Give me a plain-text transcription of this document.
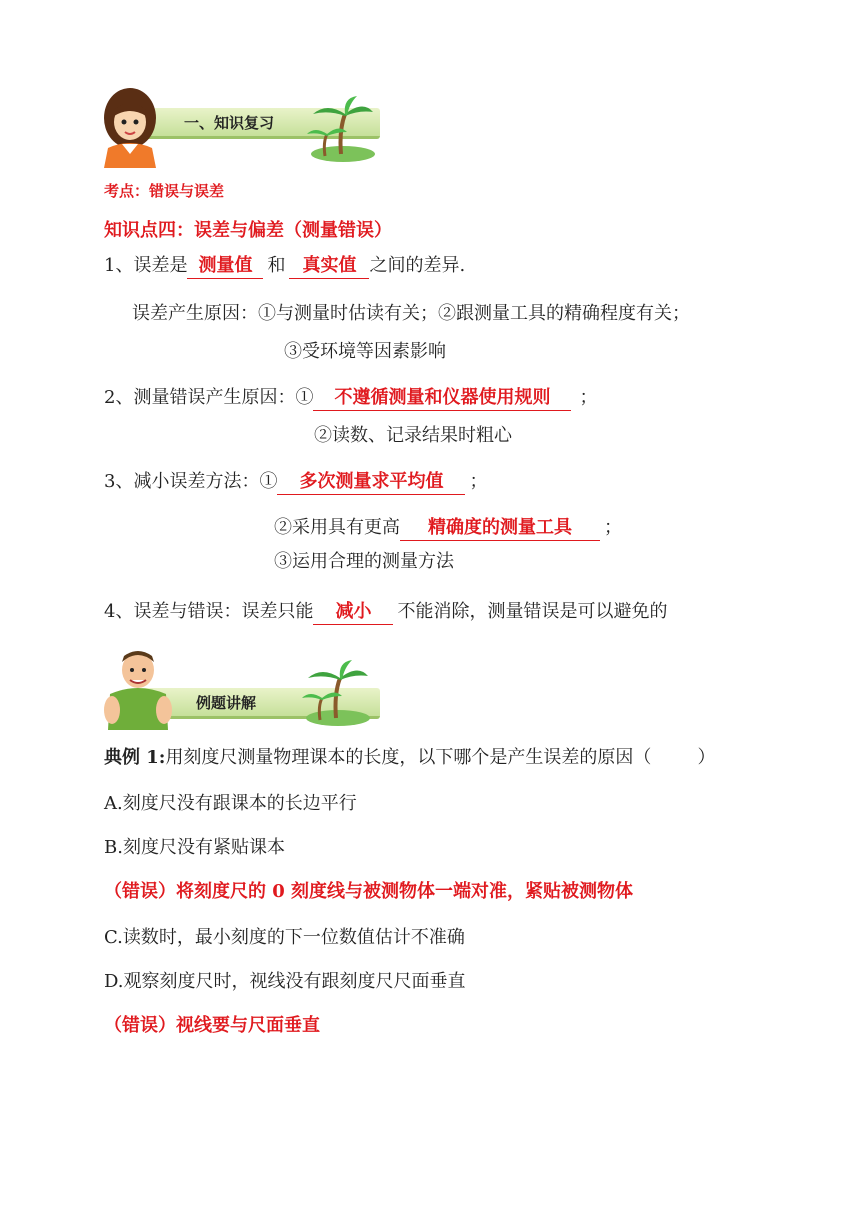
一、知识复习
考点：错误与误差
知识点四：误差与偏差（测量错误）
1、误差是 测量值 和 真实值 之间的差异.
误差产生原因：①与测量时估读有关；②跟测量工具的精确程度有关；
③受环境等因素影响
2、测量错误产生原因：① 不遵循测量和仪器使用规则 ；
②读数、记录结果时粗心
3、减小误差方法：① 多次测量求平均值 ；
②采用具有更高 精确度的测量工具 ；
③运用合理的测量方法
4、误差与错误：误差只能 减小 不能消除，测量错误是可以避免的
例题讲解
典例 1:用刻度尺测量物理课本的长度，以下哪个是产生误差的原因（	）
A.刻度尺没有跟课本的长边平行
B.刻度尺没有紧贴课本
（错误）将刻度尺的 0 刻度线与被测物体一端对准，紧贴被测物体
C.读数时，最小刻度的下一位数值估计不准确
D.观察刻度尺时，视线没有跟刻度尺尺面垂直
（错误）视线要与尺面垂直
